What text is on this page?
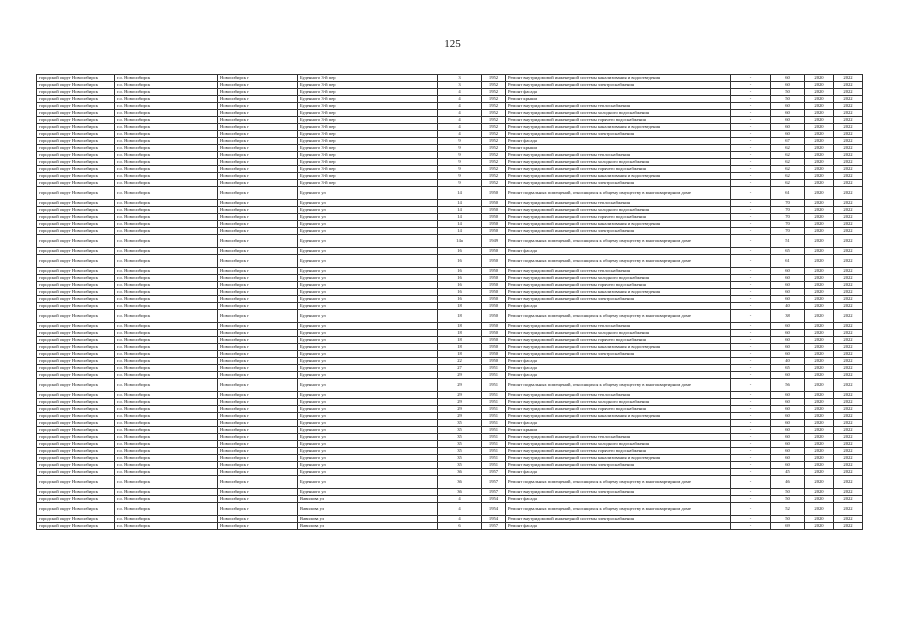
125
городской округ Новосибирск	г.о. Новосибирск	Новосибирск г	Буденного 3-й пер	3	1952	Ремонт внутридомовой инженерной системы канализования и водоотведения	-	60	2020	2022
городской округ Новосибирск	г.о. Новосибирск	Новосибирск г	Буденного 3-й пер	3	1952	Ремонт внутридомовой инженерной системы электроснабжения	-	60	2020	2022
городской округ Новосибирск	г.о. Новосибирск	Новосибирск г	Буденного 3-й пер	4	1952	Ремонт фасада	-	50	2020	2022
городской округ Новосибирск	г.о. Новосибирск	Новосибирск г	Буденного 3-й пер	4	1952	Ремонт крыши	-	50	2020	2022
городской округ Новосибирск	г.о. Новосибирск	Новосибирск г	Буденного 3-й пер	4	1952	Ремонт внутридомовой инженерной системы теплоснабжения	-	60	2020	2022
городской округ Новосибирск	г.о. Новосибирск	Новосибирск г	Буденного 3-й пер	4	1952	Ремонт внутридомовой инженерной системы холодного водоснабжения	-	60	2020	2022
городской округ Новосибирск	г.о. Новосибирск	Новосибирск г	Буденного 3-й пер	4	1952	Ремонт внутридомовой инженерной системы горячего водоснабжения	-	60	2020	2022
городской округ Новосибирск	г.о. Новосибирск	Новосибирск г	Буденного 3-й пер	4	1952	Ремонт внутридомовой инженерной системы канализования и водоотведения	-	60	2020	2022
городской округ Новосибирск	г.о. Новосибирск	Новосибирск г	Буденного 3-й пер	4	1952	Ремонт внутридомовой инженерной системы электроснабжения	-	60	2020	2022
городской округ Новосибирск	г.о. Новосибирск	Новосибирск г	Буденного 3-й пер	9	1952	Ремонт фасада	-	67	2020	2022
городской округ Новосибирск	г.о. Новосибирск	Новосибирск г	Буденного 3-й пер	9	1952	Ремонт крыши	-	62	2020	2022
городской округ Новосибирск	г.о. Новосибирск	Новосибирск г	Буденного 3-й пер	9	1952	Ремонт внутридомовой инженерной системы теплоснабжения	-	62	2020	2022
городской округ Новосибирск	г.о. Новосибирск	Новосибирск г	Буденного 3-й пер	9	1952	Ремонт внутридомовой инженерной системы холодного водоснабжения	-	62	2020	2022
городской округ Новосибирск	г.о. Новосибирск	Новосибирск г	Буденного 3-й пер	9	1952	Ремонт внутридомовой инженерной системы горячего водоснабжения	-	62	2020	2022
городской округ Новосибирск	г.о. Новосибирск	Новосибирск г	Буденного 3-й пер	9	1952	Ремонт внутридомовой инженерной системы канализования и водоотведения	-	62	2020	2022
городской округ Новосибирск	г.о. Новосибирск	Новосибирск г	Буденного 3-й пер	9	1952	Ремонт внутридомовой инженерной системы электроснабжения	-	62	2020	2022
городской округ Новосибирск	г.о. Новосибирск	Новосибирск г	Буденного ул	14	1950	Ремонт подвальных помещений, относящихся к общему имуществу в многоквартирном доме	-	61	2020	2022
городской округ Новосибирск	г.о. Новосибирск	Новосибирск г	Буденного ул	14	1950	Ремонт внутридомовой инженерной системы теплоснабжения	-	70	2020	2022
городской округ Новосибирск	г.о. Новосибирск	Новосибирск г	Буденного ул	14	1950	Ремонт внутридомовой инженерной системы холодного водоснабжения	-	70	2020	2022
городской округ Новосибирск	г.о. Новосибирск	Новосибирск г	Буденного ул	14	1950	Ремонт внутридомовой инженерной системы горячего водоснабжения	-	70	2020	2022
городской округ Новосибирск	г.о. Новосибирск	Новосибирск г	Буденного ул	14	1950	Ремонт внутридомовой инженерной системы канализования и водоотведения	-	70	2020	2022
городской округ Новосибирск	г.о. Новосибирск	Новосибирск г	Буденного ул	14	1950	Ремонт внутридомовой инженерной системы электроснабжения	-	70	2020	2022
городской округ Новосибирск	г.о. Новосибирск	Новосибирск г	Буденного ул	14а	1949	Ремонт подвальных помещений, относящихся к общему имуществу в многоквартирном доме	-	51	2020	2022
городской округ Новосибирск	г.о. Новосибирск	Новосибирск г	Буденного ул	16	1950	Ремонт фасада	-	65	2020	2022
городской округ Новосибирск	г.о. Новосибирск	Новосибирск г	Буденного ул	16	1950	Ремонт подвальных помещений, относящихся к общему имуществу в многоквартирном доме	-	61	2020	2022
городской округ Новосибирск	г.о. Новосибирск	Новосибирск г	Буденного ул	16	1950	Ремонт внутридомовой инженерной системы теплоснабжения	-	60	2020	2022
городской округ Новосибирск	г.о. Новосибирск	Новосибирск г	Буденного ул	16	1950	Ремонт внутридомовой инженерной системы холодного водоснабжения	-	60	2020	2022
городской округ Новосибирск	г.о. Новосибирск	Новосибирск г	Буденного ул	16	1950	Ремонт внутридомовой инженерной системы горячего водоснабжения	-	60	2020	2022
городской округ Новосибирск	г.о. Новосибирск	Новосибирск г	Буденного ул	16	1950	Ремонт внутридомовой инженерной системы канализования и водоотведения	-	60	2020	2022
городской округ Новосибирск	г.о. Новосибирск	Новосибирск г	Буденного ул	16	1950	Ремонт внутридомовой инженерной системы электроснабжения	-	60	2020	2022
городской округ Новосибирск	г.о. Новосибирск	Новосибирск г	Буденного ул	18	1950	Ремонт фасада	-	40	2020	2022
городской округ Новосибирск	г.о. Новосибирск	Новосибирск г	Буденного ул	18	1950	Ремонт подвальных помещений, относящихся к общему имуществу в многоквартирном доме	-	38	2020	2022
городской округ Новосибирск	г.о. Новосибирск	Новосибирск г	Буденного ул	18	1950	Ремонт внутридомовой инженерной системы теплоснабжения	-	60	2020	2022
городской округ Новосибирск	г.о. Новосибирск	Новосибирск г	Буденного ул	18	1950	Ремонт внутридомовой инженерной системы холодного водоснабжения	-	60	2020	2022
городской округ Новосибирск	г.о. Новосибирск	Новосибирск г	Буденного ул	18	1950	Ремонт внутридомовой инженерной системы горячего водоснабжения	-	60	2020	2022
городской округ Новосибирск	г.о. Новосибирск	Новосибирск г	Буденного ул	18	1950	Ремонт внутридомовой инженерной системы канализования и водоотведения	-	60	2020	2022
городской округ Новосибирск	г.о. Новосибирск	Новосибирск г	Буденного ул	18	1950	Ремонт внутридомовой инженерной системы электроснабжения	-	60	2020	2022
городской округ Новосибирск	г.о. Новосибирск	Новосибирск г	Буденного ул	22	1950	Ремонт фасада	-	40	2020	2022
городской округ Новосибирск	г.о. Новосибирск	Новосибирск г	Буденного ул	27	1951	Ремонт фасада	-	65	2020	2022
городской округ Новосибирск	г.о. Новосибирск	Новосибирск г	Буденного ул	29	1951	Ремонт фасада	-	60	2020	2022
городской округ Новосибирск	г.о. Новосибирск	Новосибирск г	Буденного ул	29	1951	Ремонт подвальных помещений, относящихся к общему имуществу в многоквартирном доме	-	56	2020	2022
городской округ Новосибирск	г.о. Новосибирск	Новосибирск г	Буденного ул	29	1951	Ремонт внутридомовой инженерной системы теплоснабжения	-	60	2020	2022
городской округ Новосибирск	г.о. Новосибирск	Новосибирск г	Буденного ул	29	1951	Ремонт внутридомовой инженерной системы холодного водоснабжения	-	60	2020	2022
городской округ Новосибирск	г.о. Новосибирск	Новосибирск г	Буденного ул	29	1951	Ремонт внутридомовой инженерной системы горячего водоснабжения	-	60	2020	2022
городской округ Новосибирск	г.о. Новосибирск	Новосибирск г	Буденного ул	29	1951	Ремонт внутридомовой инженерной системы канализования и водоотведения	-	60	2020	2022
городской округ Новосибирск	г.о. Новосибирск	Новосибирск г	Буденного ул	35	1951	Ремонт фасада	-	60	2020	2022
городской округ Новосибирск	г.о. Новосибирск	Новосибирск г	Буденного ул	35	1951	Ремонт крыши	-	60	2020	2022
городской округ Новосибирск	г.о. Новосибирск	Новосибирск г	Буденного ул	35	1951	Ремонт внутридомовой инженерной системы теплоснабжения	-	60	2020	2022
городской округ Новосибирск	г.о. Новосибирск	Новосибирск г	Буденного ул	35	1951	Ремонт внутридомовой инженерной системы холодного водоснабжения	-	60	2020	2022
городской округ Новосибирск	г.о. Новосибирск	Новосибирск г	Буденного ул	35	1951	Ремонт внутридомовой инженерной системы горячего водоснабжения	-	60	2020	2022
городской округ Новосибирск	г.о. Новосибирск	Новосибирск г	Буденного ул	35	1951	Ремонт внутридомовой инженерной системы канализования и водоотведения	-	60	2020	2022
городской округ Новосибирск	г.о. Новосибирск	Новосибирск г	Буденного ул	35	1951	Ремонт внутридомовой инженерной системы электроснабжения	-	60	2020	2022
городской округ Новосибирск	г.о. Новосибирск	Новосибирск г	Буденного ул	36	1957	Ремонт фасада	-	45	2020	2022
городской округ Новосибирск	г.о. Новосибирск	Новосибирск г	Буденного ул	36	1957	Ремонт подвальных помещений, относящихся к общему имуществу в многоквартирном доме	-	46	2020	2022
городской округ Новосибирск	г.о. Новосибирск	Новосибирск г	Буденного ул	36	1957	Ремонт внутридомовой инженерной системы электроснабжения	-	50	2020	2022
городской округ Новосибирск	г.о. Новосибирск	Новосибирск г	Вавилова ул	4	1954	Ремонт фасада	-	50	2020	2022
городской округ Новосибирск	г.о. Новосибирск	Новосибирск г	Вавилова ул	4	1954	Ремонт подвальных помещений, относящихся к общему имуществу в многоквартирном доме	-	52	2020	2022
городской округ Новосибирск	г.о. Новосибирск	Новосибирск г	Вавилова ул	4	1954	Ремонт внутридомовой инженерной системы электроснабжения	-	50	2020	2022
городской округ Новосибирск	г.о. Новосибирск	Новосибирск г	Вавилова ул	6	1957	Ремонт фасада	-	69	2020	2022
